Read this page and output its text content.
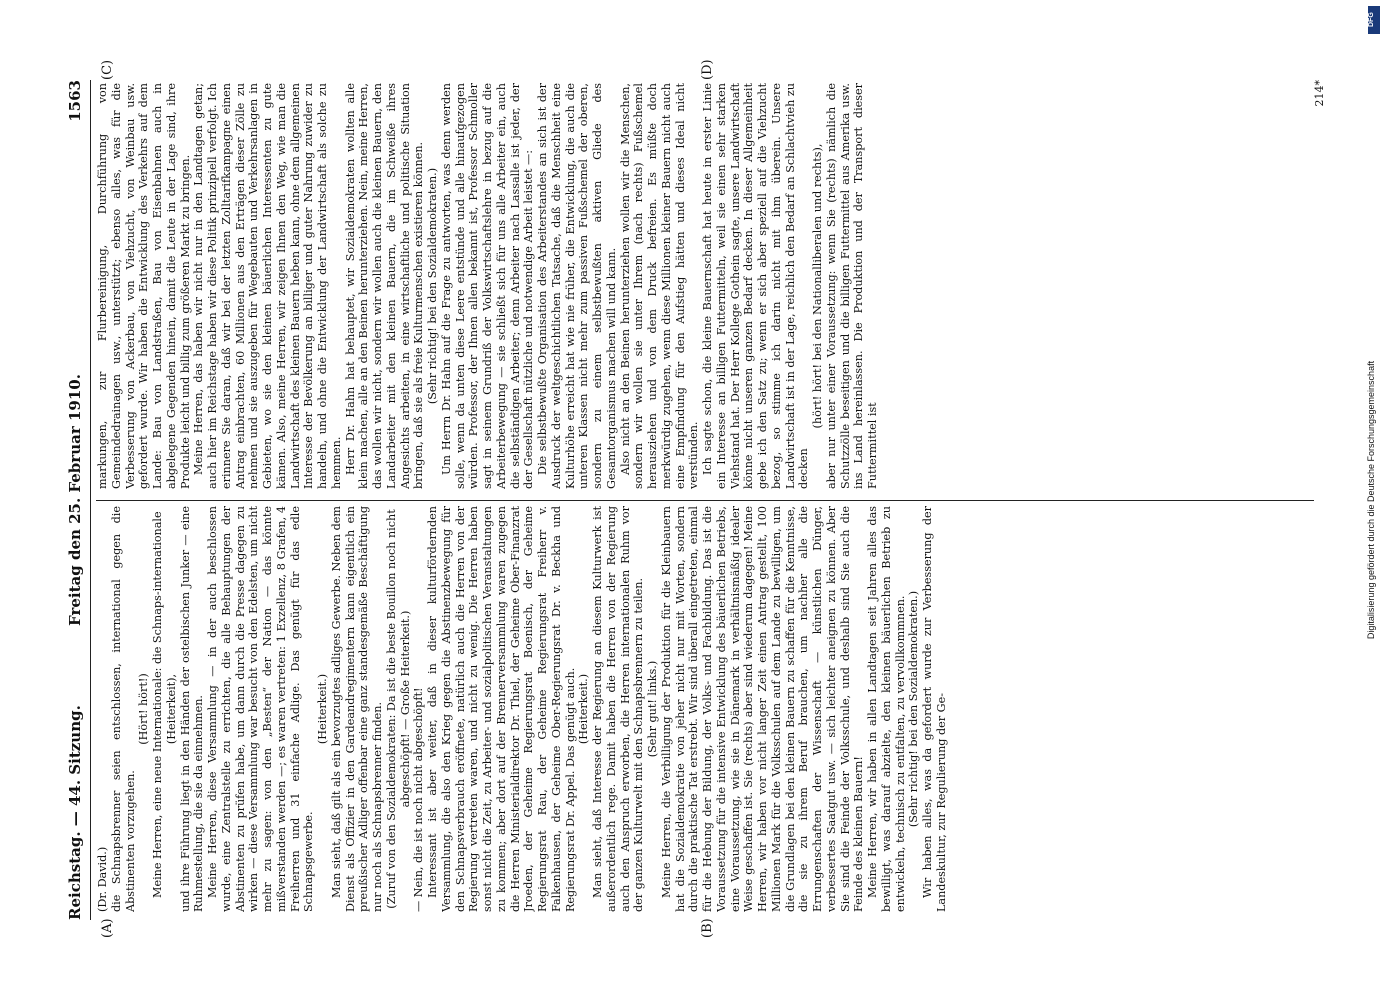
Reichstag. — 44. Sitzung.
Freitag den 25. Februar 1910.
1563
(A)	(B)
(C)	(D)

(Dr. David.) die Schnapsbrenner seien entschlossen, international gegen die Abstinenten vorzugehen.

(Hört! hört!) Meine Herren, eine neue Internationale: die Schnaps-internationale (Heiterkeit), und ihre Führung liegt in den Händen der ostelbischen Junker — eine Ruhmestellung, die sie da einnehmen. Meine Herren, diese Versammlung — in der auch beschlossen wurde, eine Zentralstelle zu errichten, die alle Behauptungen der Abstinenten zu prüfen habe, um dann durch die Presse dagegen zu wirken — diese Versammlung war besucht von den Edelsten, um nicht mehr zu sagen: von den „Besten“ der Nation — das könnte mißverstanden werden —; es waren vertreten: 1 Exzellenz, 8 Grafen, 4 Freiherren und 31 einfache Adlige. Das genügt für das edle Schnapsgewerbe.

(Heiterkeit.) Man sieht, daß gilt als ein bevorzugtes adliges Gewerbe. Neben dem Dienst als Offizier in den Gardeandregimentern kann eigentlich ein preußischer Adliger offenbar eine ganz standesgemäße Beschäftigung nur noch als Schnapsbrenner finden. (Zuruf von den Sozialdemokraten: Da ist die beste Bouillon noch nicht abgeschöpft! — Große Heiterkeit.) — Nein, die ist noch nicht abgeschöpft! Interessant ist aber weiter, daß in dieser kulturfördernden Versammlung, die also den Krieg gegen die Abstinenzbewegung für den Schnapsverbrauch eröffnete, natürlich auch die Herren von der Regierung vertreten waren, und nicht zu wenig. Die Herren haben sonst nicht die Zeit, zu Arbeiter- und sozialpolitischen Veranstaltungen zu kommen; aber dort auf der Brennerversammlung waren zugegen die Herren Ministerialdirektor Dr. Thiel, der Geheime Ober-Finanzrat Jroeden, der Geheime Regierungsrat Boenisch, der Geheime Regierungsrat Rau, der Geheime Regierungsrat Freiherr v. Falkenhausen, der Geheime Ober-Regierungsrat Dr. v. Beckha und Regierungsrat Dr. Appel. Das genügt auch. (Heiterkeit.) Man sieht, daß Interesse der Regierung an diesem Kulturwerk ist außerordentlich rege. Damit haben die Herren von der Regierung auch den Anspruch erworben, die Herren internationalen Ruhm vor der ganzen Kulturwelt mit den Schnapsbrennern zu teilen. (Sehr gut! links.) Meine Herren, die Verbilligung der Produktion für die Kleinbauern hat die Sozialdemokratie von jeher nicht nur mit Worten, sondern durch die praktische Tat erstrebt. Wir sind überall eingetreten, einmal für die Hebung der Bildung, der Volks- und Fachbildung. Das ist die Voraussetzung für die intensive Entwicklung des bäuerlichen Betriebs, eine Voraussetzung, wie sie in Dänemark in verhältnismäßig idealer Weise geschaffen ist. Sie (rechts) aber sind wiederum dagegen! Meine Herren, wir haben vor nicht langer Zeit einen Antrag gestellt, 100 Millionen Mark für die Volksschulen auf dem Lande zu bewilligen, um die Grundlagen bei den kleinen Bauern zu schaffen für die Kenntnisse, die sie zu ihrem Beruf brauchen, um nachher alle die Errungenschaften der Wissenschaft — künstlichen Dünger, verbessertes Saatgut usw. — sich leichter aneignen zu können. Aber Sie sind die Feinde der Volksschule, und deshalb sind Sie auch die Feinde des kleinen Bauern! Meine Herren, wir haben in allen Landtagen seit Jahren alles das bewilligt, was darauf abzielte, den kleinen bäuerlichen Betrieb zu entwickeln, technisch zu entfalten, zu vervollkommnen. (Sehr richtig! bei den Sozialdemokraten.) Wir haben alles, was da gefordert wurde zur Verbesserung der Landeskultur, zur Regulierung der Ge-

markungen, zur Flurbereinigung, Durchführung von Gemeindedrainagen usw., unterstützt; ebenso alles, was für die Verbesserung von Ackerbau, von Viehzucht, von Weinbau usw. gefordert wurde. Wir haben die Entwicklung des Verkehrs auf dem Lande: Bau von Landstraßen, Bau von Eisenbahnen auch in abgelegene Gegenden hinein, damit die Leute in der Lage sind, ihre Produkte leicht und billig zum größeren Markt zu bringen. Meine Herren, das haben wir nicht nur in den Landtagen getan; auch hier im Reichstage haben wir diese Politik prinzipiell verfolgt. Ich erinnere Sie daran, daß wir bei der letzten Zolltarifkampagne einen Antrag einbrachten, 60 Millionen aus den Erträgen dieser Zölle zu nehmen und sie auszugeben für Wegebauten und Verkehrsanlagen in Gebieten, wo sie den kleinen bäuerlichen Interessenten zu gute kämen. Also, meine Herren, wir zeigen Ihnen den Weg, wie man die Landwirtschaft des kleinen Bauern heben kann, ohne dem allgemeinen Interesse der Bevölkerung an billiger und guter Nahrung zuwider zu handeln, und ohne die Entwicklung der Landwirtschaft als solche zu hemmen. Herr Dr. Hahn hat behauptet, wir Sozialdemokraten wollten alle klein machen, alle an den Beinen herunterziehen. Nein, meine Herren, das wollen wir nicht, sondern wir wollen auch die kleinen Bauern, den Landarbeiter mit den kleinen Bauern, die im Schweiße ihres Angesichts arbeiten, in eine wirtschaftliche und politische Situation bringen, daß sie als freie Kulturmenschen existieren können. (Sehr richtig! bei den Sozialdemokraten.) Um Herrn Dr. Hahn auf die Frage zu antworten, was denn werden solle, wenn da unten diese Leere entstünde und alle hinaufgezogen würden. Professor, der Ihnen allen bekannt ist, Professor Schmoller sagt in seinem Grundriß der Volkswirtschaftslehre in bezug auf die Arbeiterbewegung — sie schließt sich für uns alle Arbeiter ein, auch die selbständigen Arbeiter; denn Arbeiter nach Lassalle ist jeder, der der Gesellschaft nützliche und notwendige Arbeit leistet —: Die selbstbewußte Organisation des Arbeiterstandes an sich ist der Ausdruck der weltgeschichtlichen Tatsache, daß die Menschheit eine Kulturhöhe erreicht hat wie nie früher, die Entwicklung, die auch die unteren Klassen nicht mehr zum passiven Fußschemel der oberen, sondern zu einem selbstbewußten aktiven Gliede des Gesamtorganismus machen will und kann. Also nicht an den Beinen herunterziehen wollen wir die Menschen, sondern wir wollen sie unter Ihrem (nach rechts) Fußschemel herausziehen und von dem Druck befreien. Es müßte doch merkwürdig zugehen, wenn diese Millionen kleiner Bauern nicht auch eine Empfindung für den Aufstieg hätten und dieses Ideal nicht verstünden. Ich sagte schon, die kleine Bauernschaft hat heute in erster Linie ein Interesse an billigen Futtermitteln, weil sie einen sehr starken Viehstand hat. Der Herr Kollege Gothein sagte, unsere Landwirtschaft könne nicht unseren ganzen Bedarf decken. In dieser Allgemeinheit gebe ich den Satz zu; wenn er sich aber speziell auf die Viehzucht bezog, so stimme ich darin nicht mit ihm überein. Unsere Landwirtschaft ist in der Lage, reichlich den Bedarf an Schlachtvieh zu decken

(hört! hört! bei den Nationalliberalen und rechts), aber nur unter einer Voraussetzung: wenn Sie (rechts) nämlich die Schutzzölle beseitigen und die billigen Futtermittel aus Amerika usw. ins Land hereinlassen. Die Produktion und der Transport dieser Futtermittel ist

214*
Digitalisierung gefördert durch die Deutsche Forschungsgemeinschaft
DFG
